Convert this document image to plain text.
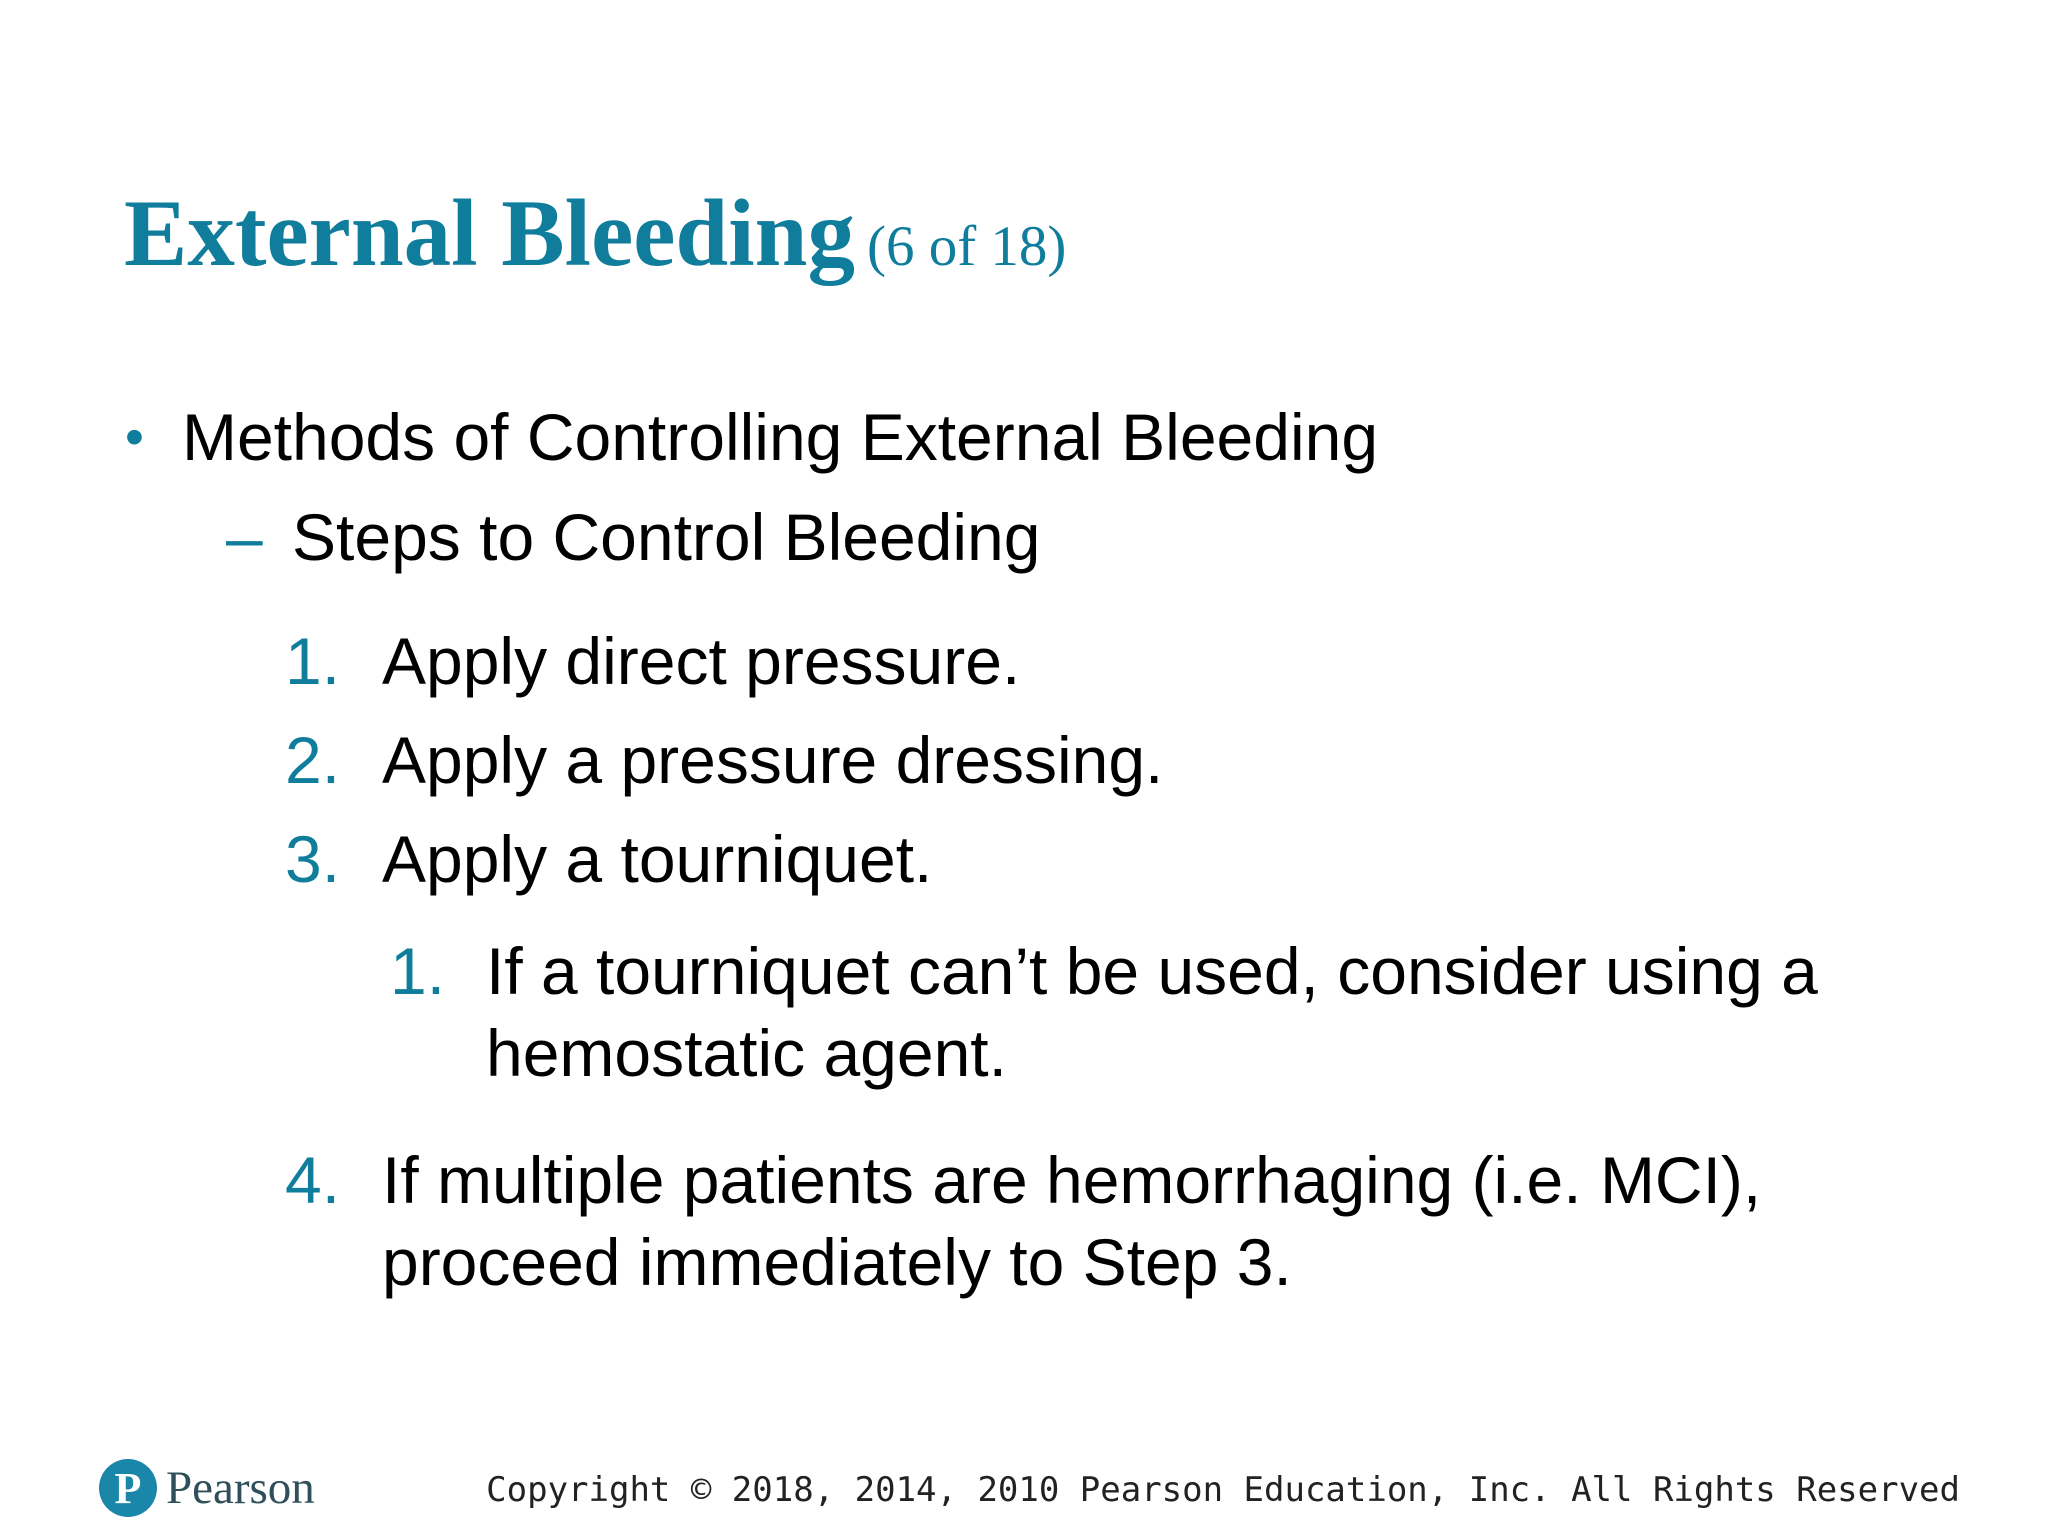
External Bleeding (6 of 18)
• Methods of Controlling External Bleeding
– Steps to Control Bleeding
1. Apply direct pressure.
2. Apply a pressure dressing.
3. Apply a tourniquet.
1. If a tourniquet can’t be used, consider using a
hemostatic agent.
4. If multiple patients are hemorrhaging (i.e. MCI),
proceed immediately to Step 3.
P Pearson	Copyright © 2018, 2014, 2010 Pearson Education, Inc. All Rights Reserved
